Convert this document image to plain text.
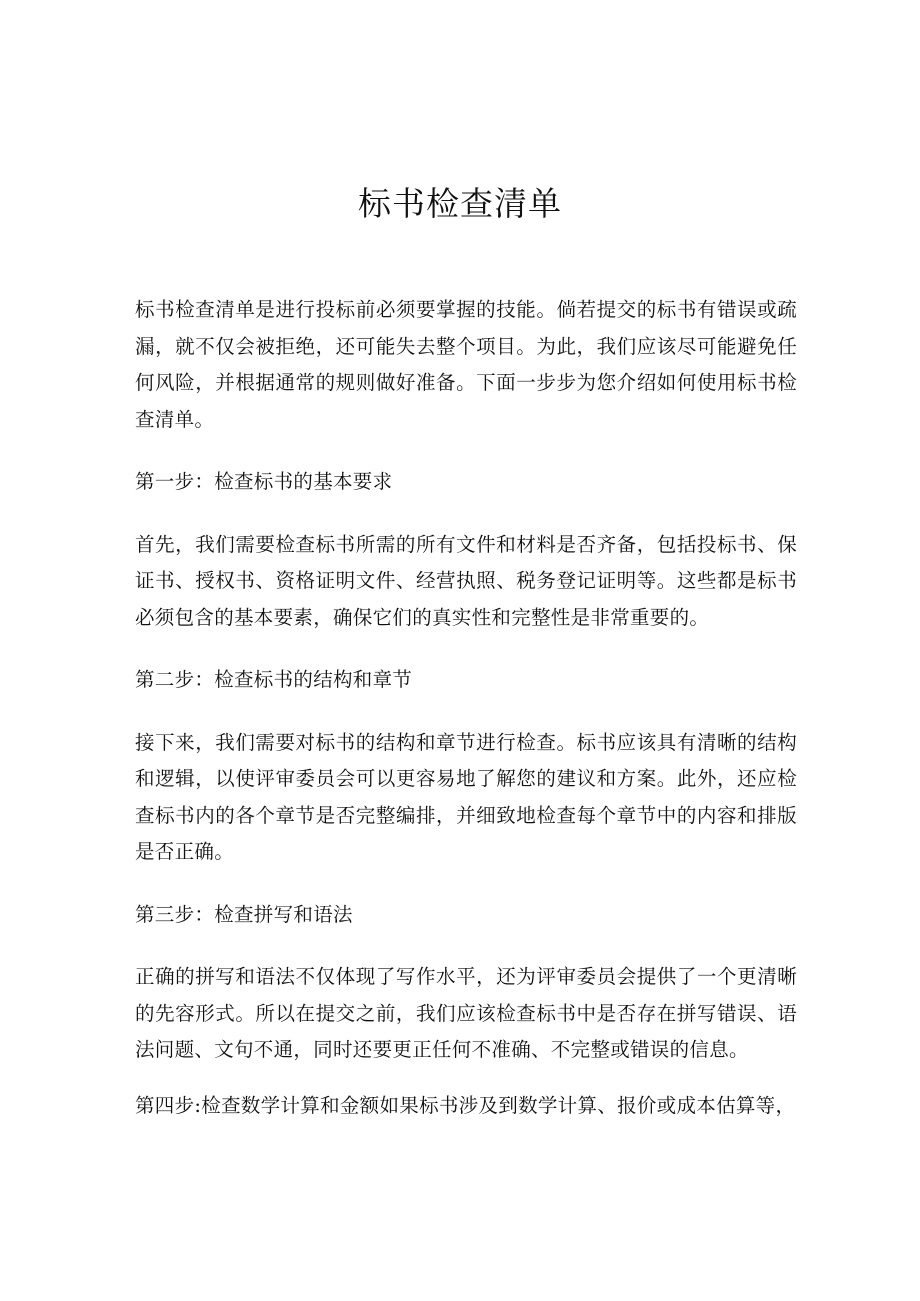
标书检查清单

标书检查清单是进行投标前必须要掌握的技能。倘若提交的标书有错误或疏漏，就不仅会被拒绝，还可能失去整个项目。为此，我们应该尽可能避免任何风险，并根据通常的规则做好准备。下面一步步为您介绍如何使用标书检查清单。

第一步：检查标书的基本要求

首先，我们需要检查标书所需的所有文件和材料是否齐备，包括投标书、保证书、授权书、资格证明文件、经营执照、税务登记证明等。这些都是标书必须包含的基本要素，确保它们的真实性和完整性是非常重要的。

第二步：检查标书的结构和章节

接下来，我们需要对标书的结构和章节进行检查。标书应该具有清晰的结构和逻辑，以使评审委员会可以更容易地了解您的建议和方案。此外，还应检查标书内的各个章节是否完整编排，并细致地检查每个章节中的内容和排版是否正确。

第三步：检查拼写和语法

正确的拼写和语法不仅体现了写作水平，还为评审委员会提供了一个更清晰的先容形式。所以在提交之前，我们应该检查标书中是否存在拼写错误、语法问题、文句不通，同时还要更正任何不准确、不完整或错误的信息。

第四步:检查数学计算和金额如果标书涉及到数学计算、报价或成本估算等，
